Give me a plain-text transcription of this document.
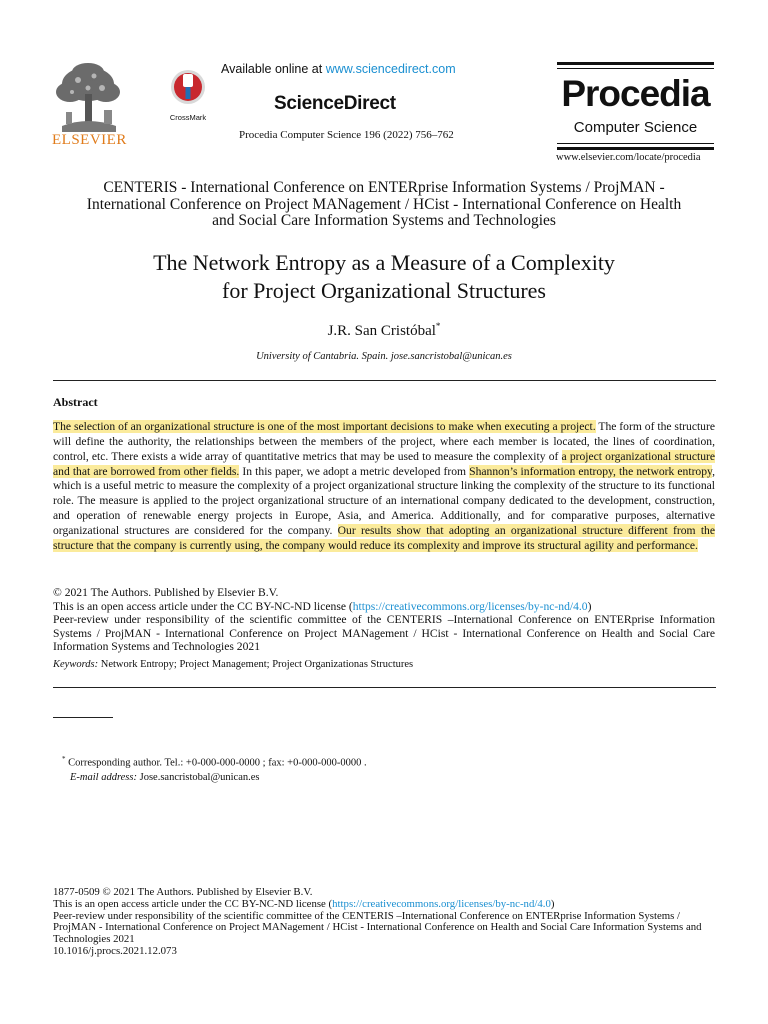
ELSEVIER
CrossMark
Available online at www.sciencedirect.com
ScienceDirect
Procedia Computer Science 196 (2022) 756–762
Procedia
Computer Science
www.elsevier.com/locate/procedia
CENTERIS - International Conference on ENTERprise Information Systems / ProjMAN -
International Conference on Project MANagement / HCist - International Conference on Health
and Social Care Information Systems and Technologies
The Network Entropy as a Measure of a Complexity
for Project Organizational Structures
J.R. San Cristóbal*
University of Cantabria. Spain. jose.sancristobal@unican.es
Abstract
The selection of an organizational structure is one of the most important decisions to make when executing a project. The form of the structure will define the authority, the relationships between the members of the project, where each member is located, the lines of coordination, control, etc. There exists a wide array of quantitative metrics that may be used to measure the complexity of a project organizational structure and that are borrowed from other fields. In this paper, we adopt a metric developed from Shannon’s information entropy, the network entropy, which is a useful metric to measure the complexity of a project organizational structure linking the complexity of the structure to its functional role. The measure is applied to the project organizational structure of an international company dedicated to the development, construction, and operation of renewable energy projects in Europe, Asia, and America. Additionally, and for comparative purposes, alternative organizational structures are considered for the company. Our results show that adopting an organizational structure different from the structure that the company is currently using, the company would reduce its complexity and improve its structural agility and performance.
© 2021 The Authors. Published by Elsevier B.V.
This is an open access article under the CC BY-NC-ND license (https://creativecommons.org/licenses/by-nc-nd/4.0)
Peer-review under responsibility of the scientific committee of the CENTERIS –International Conference on ENTERprise Information Systems / ProjMAN - International Conference on Project MANagement / HCist - International Conference on Health and Social Care Information Systems and Technologies 2021
Keywords: Network Entropy; Project Management; Project Organizationas Structures
* Corresponding author. Tel.: +0-000-000-0000 ; fax: +0-000-000-0000 .
E-mail address: Jose.sancristobal@unican.es
1877-0509 © 2021 The Authors. Published by Elsevier B.V.
This is an open access article under the CC BY-NC-ND license (https://creativecommons.org/licenses/by-nc-nd/4.0)
Peer-review under responsibility of the scientific committee of the CENTERIS –International Conference on ENTERprise Information Systems / ProjMAN - International Conference on Project MANagement / HCist - International Conference on Health and Social Care Information Systems and Technologies 2021
10.1016/j.procs.2021.12.073
